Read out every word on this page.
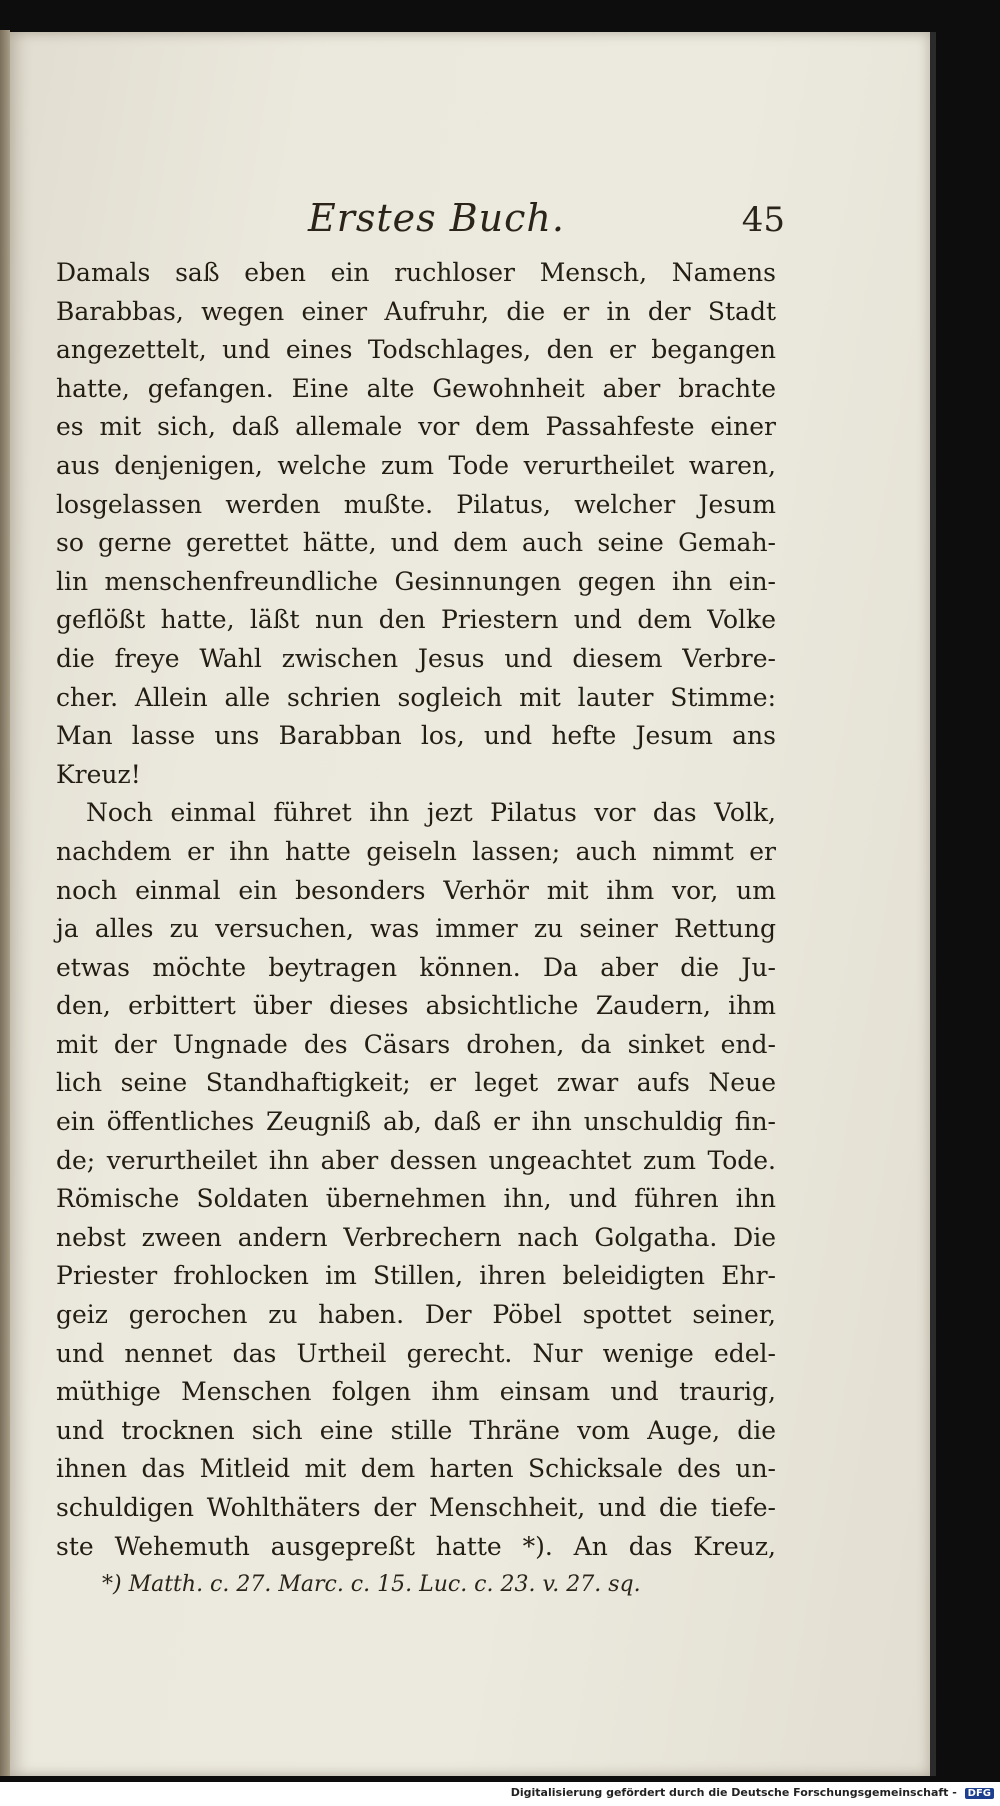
Erstes Buch.	45
Damals saß eben ein ruchloser Mensch, Namens
Barabbas, wegen einer Aufruhr, die er in der Stadt
angezettelt, und eines Todschlages, den er begangen
hatte, gefangen. Eine alte Gewohnheit aber brachte
es mit sich, daß allemale vor dem Passahfeste einer
aus denjenigen, welche zum Tode verurtheilet waren,
losgelassen werden mußte. Pilatus, welcher Jesum
so gerne gerettet hätte, und dem auch seine Gemah-
lin menschenfreundliche Gesinnungen gegen ihn ein-
geflößt hatte, läßt nun den Priestern und dem Volke
die freye Wahl zwischen Jesus und diesem Verbre-
cher. Allein alle schrien sogleich mit lauter Stimme:
Man lasse uns Barabban los, und hefte Jesum ans
Kreuz!
Noch einmal führet ihn jezt Pilatus vor das Volk,
nachdem er ihn hatte geiseln lassen; auch nimmt er
noch einmal ein besonders Verhör mit ihm vor, um
ja alles zu versuchen, was immer zu seiner Rettung
etwas möchte beytragen können. Da aber die Ju-
den, erbittert über dieses absichtliche Zaudern, ihm
mit der Ungnade des Cäsars drohen, da sinket end-
lich seine Standhaftigkeit; er leget zwar aufs Neue
ein öffentliches Zeugniß ab, daß er ihn unschuldig fin-
de; verurtheilet ihn aber dessen ungeachtet zum Tode.
Römische Soldaten übernehmen ihn, und führen ihn
nebst zween andern Verbrechern nach Golgatha. Die
Priester frohlocken im Stillen, ihren beleidigten Ehr-
geiz gerochen zu haben. Der Pöbel spottet seiner,
und nennet das Urtheil gerecht. Nur wenige edel-
müthige Menschen folgen ihm einsam und traurig,
und trocknen sich eine stille Thräne vom Auge, die
ihnen das Mitleid mit dem harten Schicksale des un-
schuldigen Wohlthäters der Menschheit, und die tiefe-
ste Wehemuth ausgepreßt hatte *). An das Kreuz,
*) Matth. c. 27. Marc. c. 15. Luc. c. 23. v. 27. sq.
Digitalisierung gefördert durch die Deutsche Forschungsgemeinschaft - DFG
